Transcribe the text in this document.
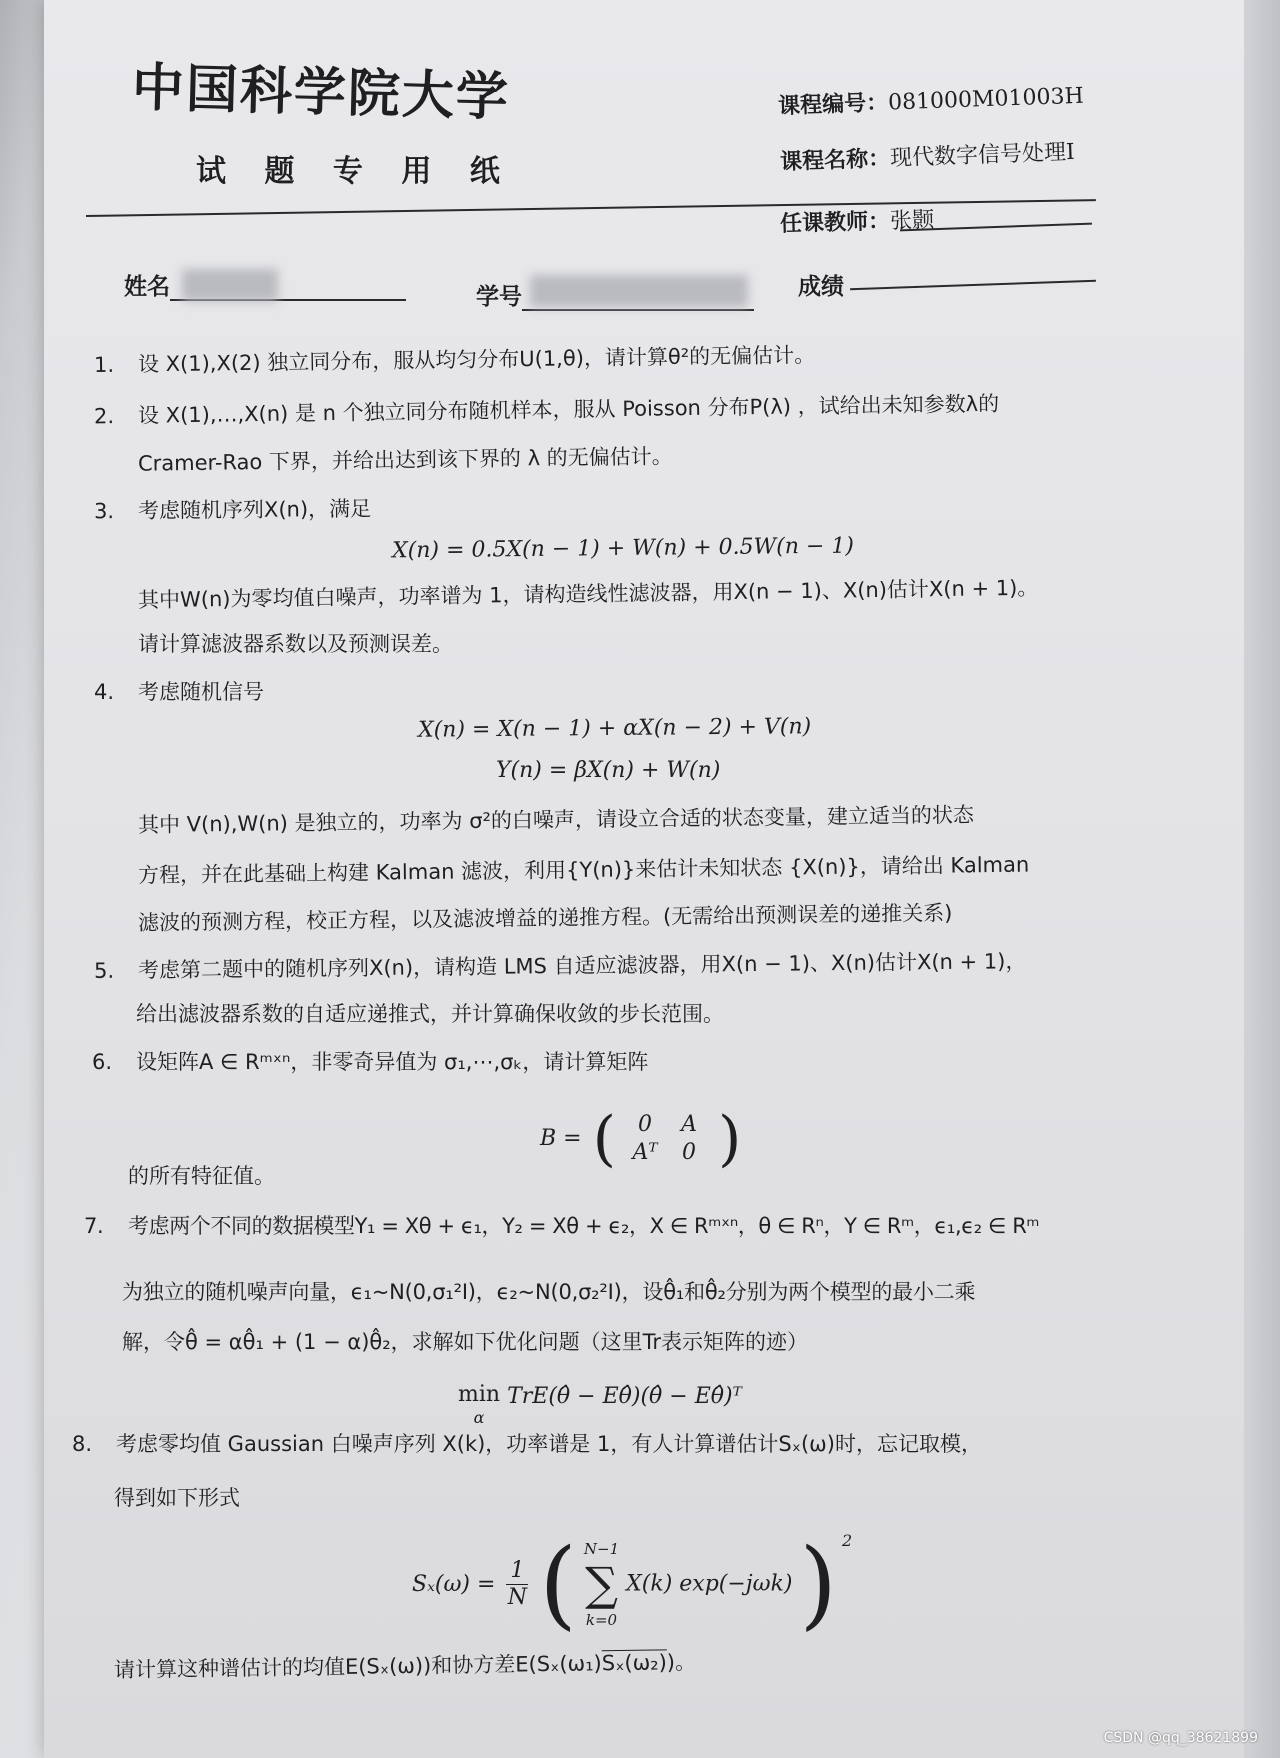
中国科学院大学
试 题 专 用 纸
课程编号：081000M01003H
课程名称：现代数字信号处理I
任课教师：张颢
姓名	学号	成绩
1. 设 X(1),X(2) 独立同分布，服从均匀分布U(1,θ)，请计算θ²的无偏估计。
2. 设 X(1),…,X(n) 是 n 个独立同分布随机样本，服从 Poisson 分布P(λ) ，试给出未知参数λ的
Cramer-Rao 下界，并给出达到该下界的 λ 的无偏估计。
3. 考虑随机序列X(n)，满足
X(n) = 0.5X(n − 1) + W(n) + 0.5W(n − 1)
其中W(n)为零均值白噪声，功率谱为 1，请构造线性滤波器，用X(n − 1)、X(n)估计X(n + 1)。
请计算滤波器系数以及预测误差。
4. 考虑随机信号
X(n) = X(n − 1) + αX(n − 2) + V(n)
Y(n) = βX(n) + W(n)
其中 V(n),W(n) 是独立的，功率为 σ²的白噪声，请设立合适的状态变量，建立适当的状态
方程，并在此基础上构建 Kalman 滤波，利用{Y(n)}来估计未知状态 {X(n)}，请给出 Kalman
滤波的预测方程，校正方程，以及滤波增益的递推方程。(无需给出预测误差的递推关系)
5. 考虑第二题中的随机序列X(n)，请构造 LMS 自适应滤波器，用X(n − 1)、X(n)估计X(n + 1)，
给出滤波器系数的自适应递推式，并计算确保收敛的步长范围。
6. 设矩阵A ∈ Rᵐˣⁿ，非零奇异值为 σ₁,⋯,σₖ，请计算矩阵
B = ( 0 A
Aᵀ 0 )
的所有特征值。
7. 考虑两个不同的数据模型Y₁ = Xθ + ϵ₁，Y₂ = Xθ + ϵ₂，X ∈ Rᵐˣⁿ，θ ∈ Rⁿ，Y ∈ Rᵐ，ϵ₁,ϵ₂ ∈ Rᵐ
为独立的随机噪声向量，ϵ₁~N(0,σ₁²I)，ϵ₂~N(0,σ₂²I)，设θ̂₁和θ̂₂分别为两个模型的最小二乘
解，令θ̂ = αθ̂₁ + (1 − α)θ̂₂，求解如下优化问题（这里Tr表示矩阵的迹）
min
α TrE(θ̂ − Eθ̂)(θ̂ − Eθ̂)ᵀ
8. 考虑零均值 Gaussian 白噪声序列 X(k)，功率谱是 1，有人计算谱估计Sₓ(ω)时，忘记取模，
得到如下形式
$S_x(\omega) = \frac{1}{N}$ ( N−1
∑
k=0 X(k) exp(−jωk) ) $^2$
请计算这种谱估计的均值E(Sₓ(ω))和协方差E(Sₓ(ω₁)Sₓ(ω₂))。
CSDN @qq_38621899
